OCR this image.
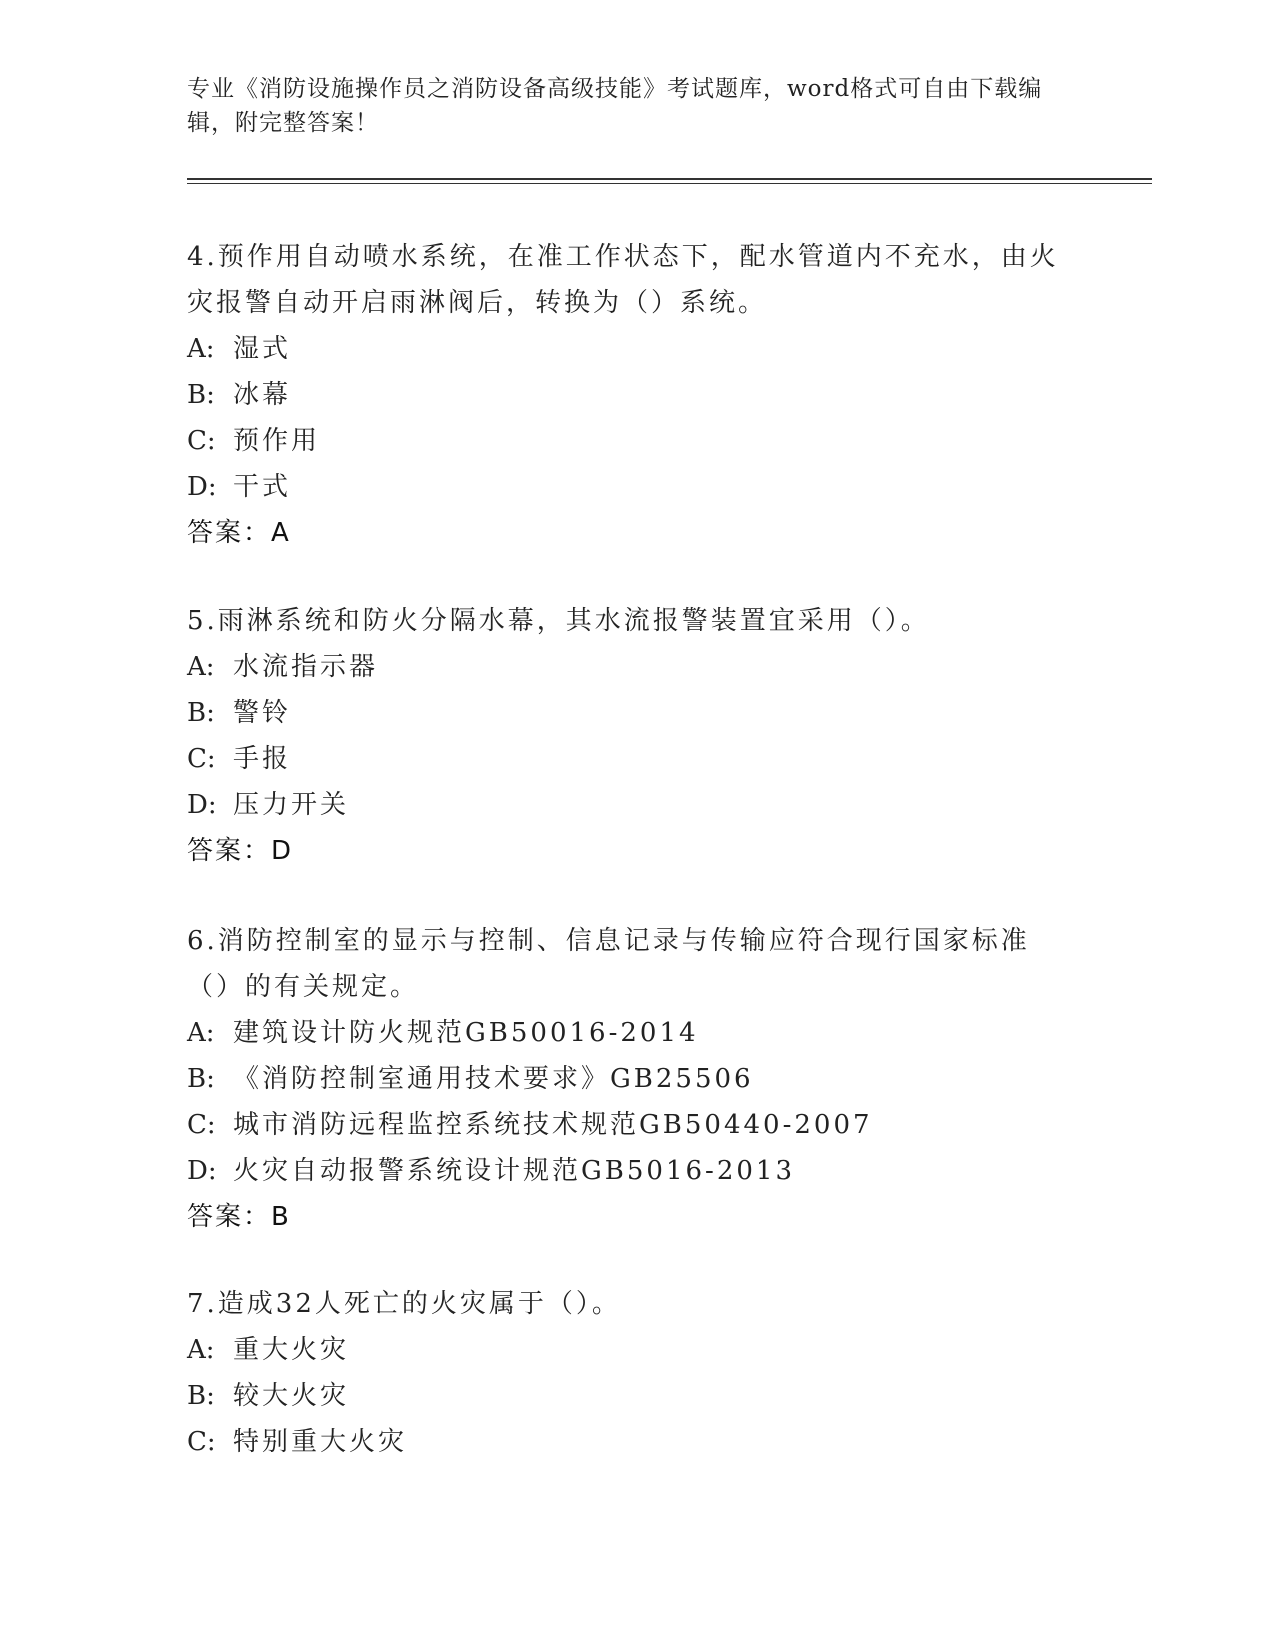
专业《消防设施操作员之消防设备高级技能》考试题库，word格式可自由下载编辑，附完整答案！

4.预作用自动喷水系统，在准工作状态下，配水管道内不充水，由火灾报警自动开启雨淋阀后，转换为（）系统。

A: 湿式

B: 冰幕

C: 预作用

D: 干式

答案：A

5.雨淋系统和防火分隔水幕，其水流报警装置宜采用（）。

A: 水流指示器

B: 警铃

C: 手报

D: 压力开关

答案：D

6.消防控制室的显示与控制、信息记录与传输应符合现行国家标准（）的有关规定。

A: 建筑设计防火规范GB50016-2014

B: 《消防控制室通用技术要求》GB25506

C: 城市消防远程监控系统技术规范GB50440-2007

D: 火灾自动报警系统设计规范GB5016-2013

答案：B

7.造成32人死亡的火灾属于（）。

A: 重大火灾

B: 较大火灾

C: 特别重大火灾
